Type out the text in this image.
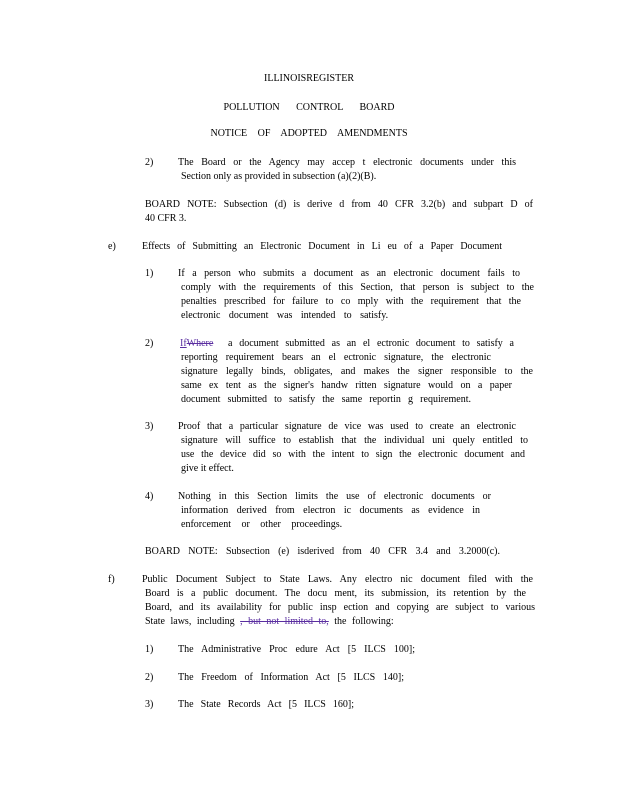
ILLINOISREGISTER
POLLUTION CONTROL BOARD
NOTICE OF ADOPTED AMENDMENTS
2) The Board or the Agency may accep t electronic documents under this
Section only as provided in subsection (a)(2)(B).
BOARD NOTE: Subsection (d) is derive d from 40 CFR 3.2(b) and subpart D of
40 CFR 3.
e)	Effects of Submitting an Electronic Document in Li eu of a Paper Document
1) If a person who submits a document as an electronic document fails to
comply with the requirements of this Section, that person is subject to the
penalties prescribed for failure to co mply with the requirement that the
electronic document was intended to satisfy.
2)	IfWhere a document submitted as an el ectronic document to satisfy a
reporting requirement bears an el ectronic signature, the electronic
signature legally binds, obligates, and makes the signer responsible to the
same ex tent as the signer's handw ritten signature would on a paper
document submitted to satisfy the same reportin g requirement.
3) Proof that a particular signature de vice was used to create an electronic
signature will suffice to establish that the individual uni quely entitled to
use the device did so with the intent to sign the electronic document and
give it effect.
4) Nothing in this Section limits the use of electronic documents or
information derived from electron ic documents as evidence in
enforcement or other proceedings.
BOARD NOTE: Subsection (e) isderived from 40 CFR 3.4 and 3.2000(c).
f)	Public Document Subject to State Laws. Any electro nic document filed with the
Board is a public document. The docu ment, its submission, its retention by the
Board, and its availability for public insp ection and copying are subject to various
State laws, including , but not limited to, the following:
1) The Administrative Proc edure Act [5 ILCS 100];
2) The Freedom of Information Act [5 ILCS 140];
3) The State Records Act [5 ILCS 160];
